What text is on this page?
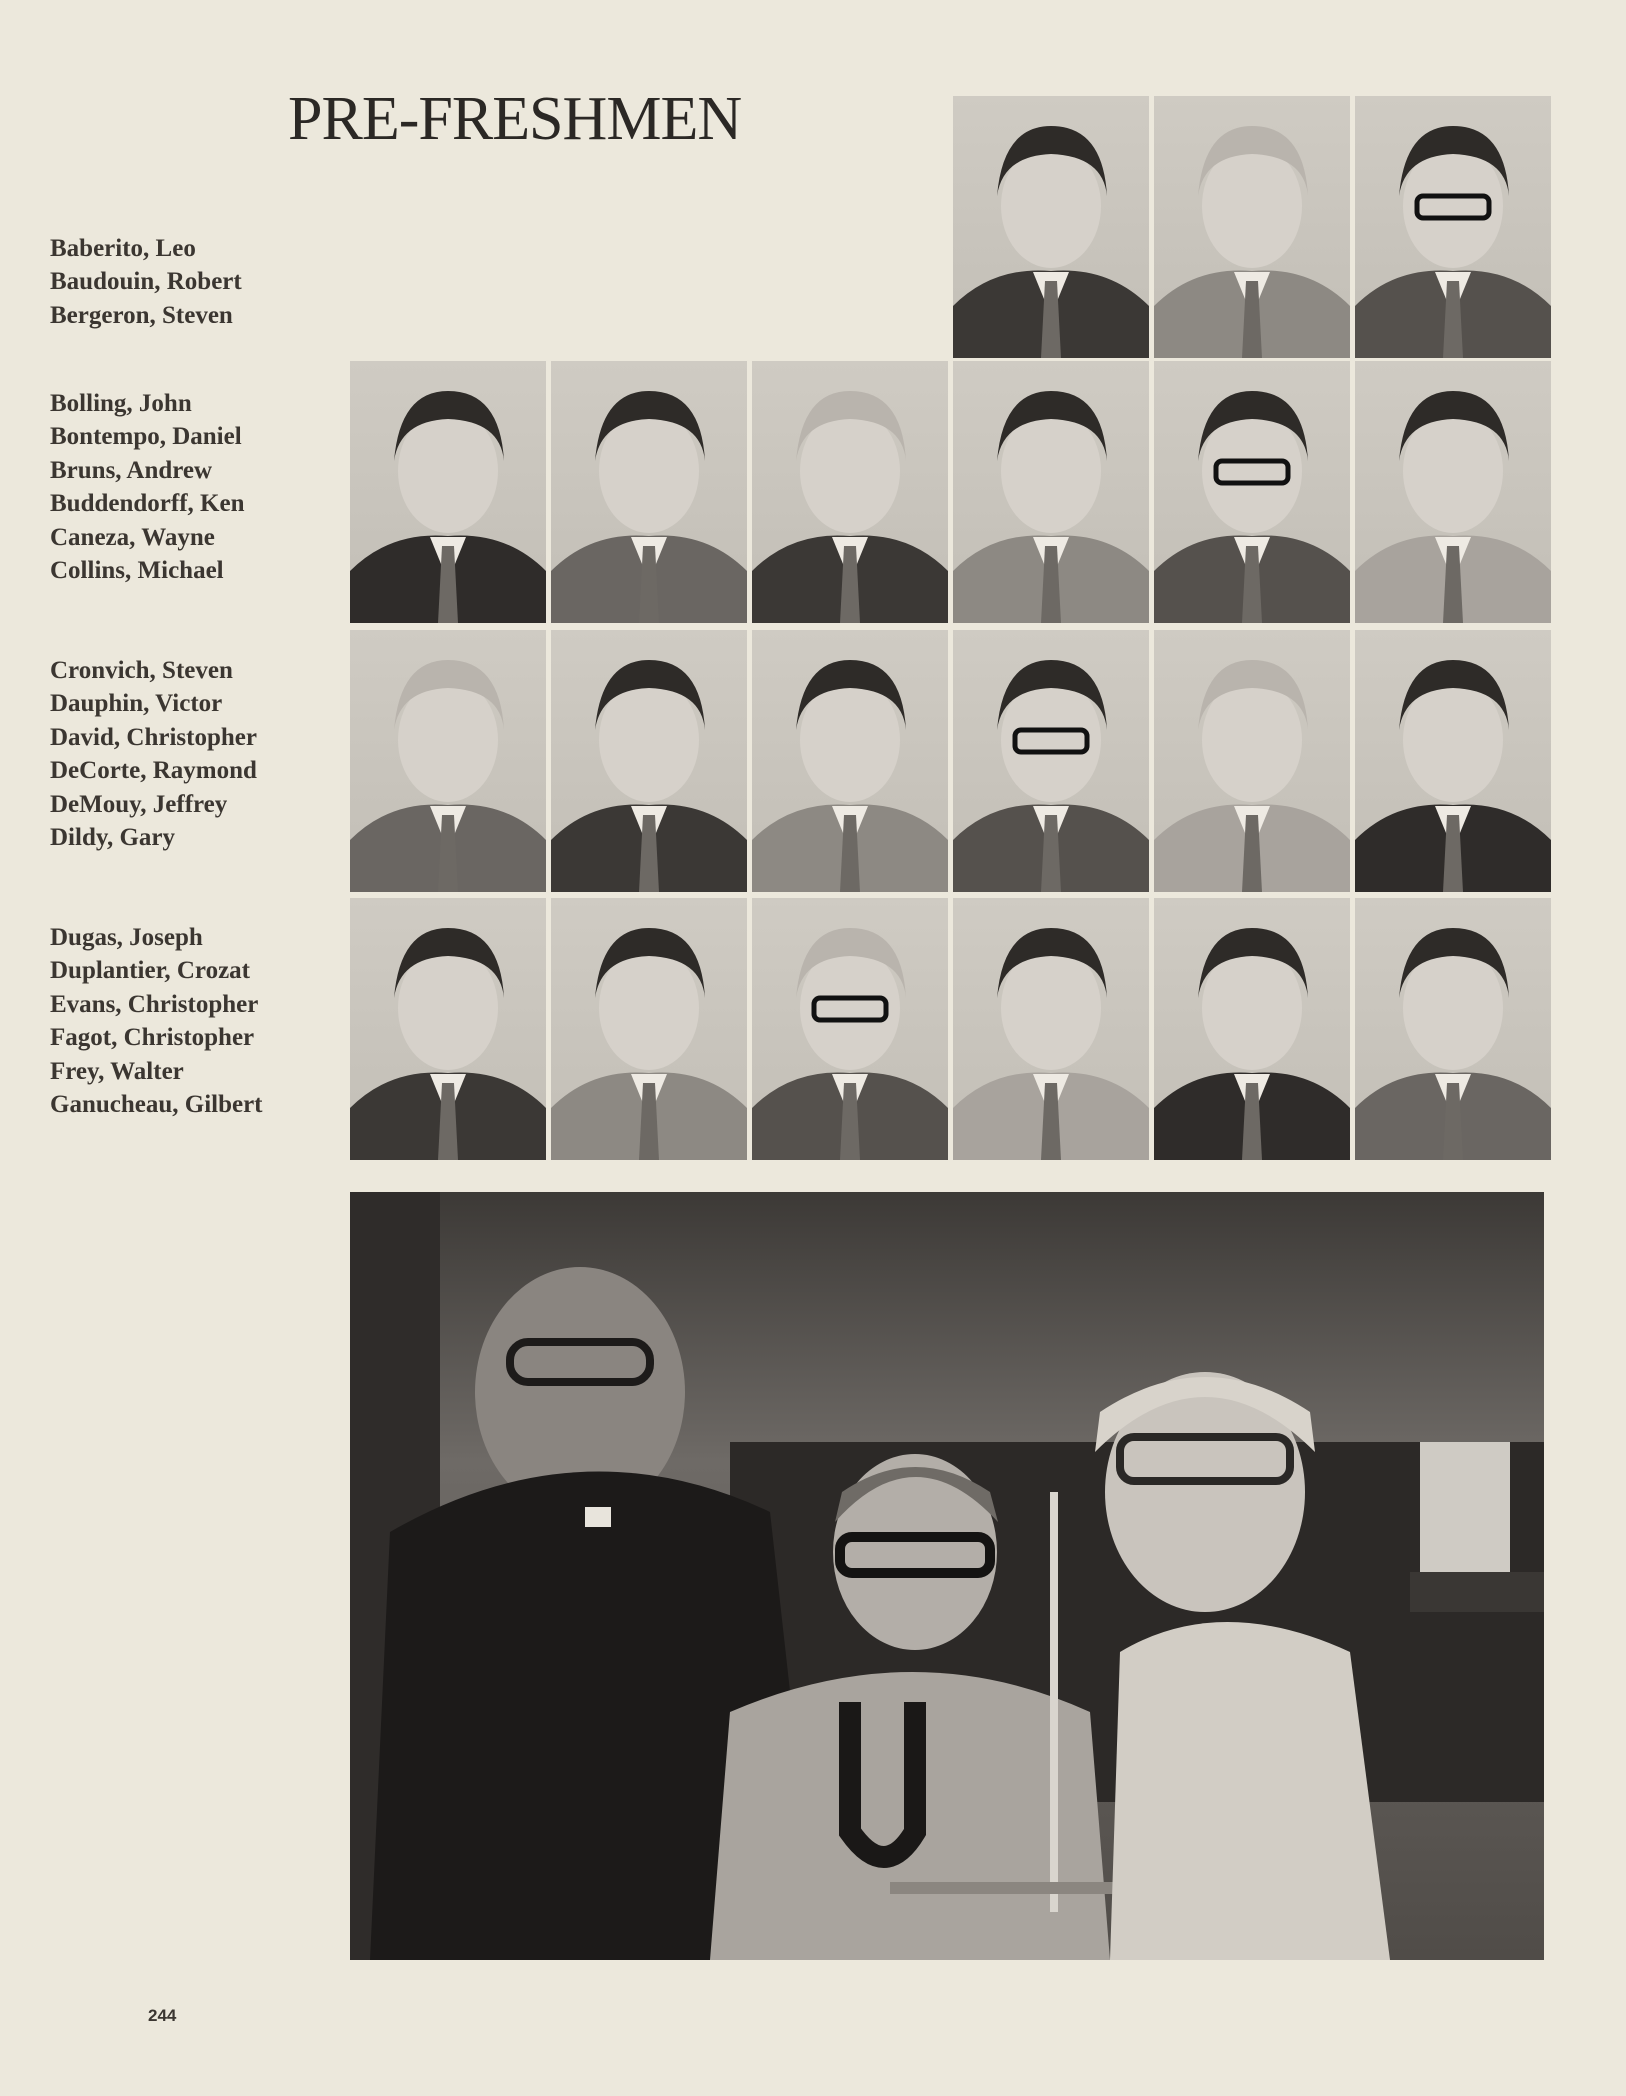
PRE-FRESHMEN
Baberito, Leo
Baudouin, Robert
Bergeron, Steven
Bolling, John
Bontempo, Daniel
Bruns, Andrew
Buddendorff, Ken
Caneza, Wayne
Collins, Michael
Cronvich, Steven
Dauphin, Victor
David, Christopher
DeCorte, Raymond
DeMouy, Jeffrey
Dildy, Gary
Dugas, Joseph
Duplantier, Crozat
Evans, Christopher
Fagot, Christopher
Frey, Walter
Ganucheau, Gilbert
244
